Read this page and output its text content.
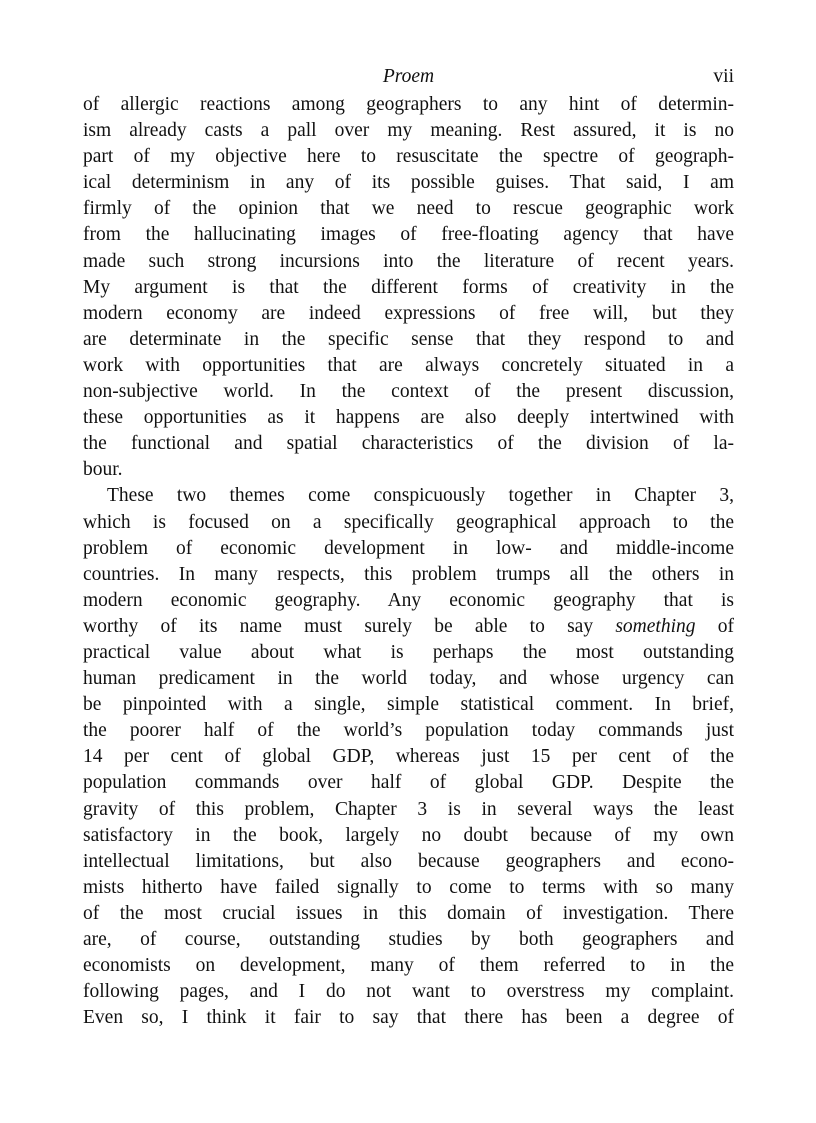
Proem	vii
of allergic reactions among geographers to any hint of determin-
ism already casts a pall over my meaning. Rest assured, it is no
part of my objective here to resuscitate the spectre of geograph-
ical determinism in any of its possible guises. That said, I am
firmly of the opinion that we need to rescue geographic work
from the hallucinating images of free-floating agency that have
made such strong incursions into the literature of recent years.
My argument is that the different forms of creativity in the
modern economy are indeed expressions of free will, but they
are determinate in the specific sense that they respond to and
work with opportunities that are always concretely situated in a
non-subjective world. In the context of the present discussion,
these opportunities as it happens are also deeply intertwined with
the functional and spatial characteristics of the division of la-
bour.
These two themes come conspicuously together in Chapter 3,
which is focused on a specifically geographical approach to the
problem of economic development in low- and middle-income
countries. In many respects, this problem trumps all the others in
modern economic geography. Any economic geography that is
worthy of its name must surely be able to say something of
practical value about what is perhaps the most outstanding
human predicament in the world today, and whose urgency can
be pinpointed with a single, simple statistical comment. In brief,
the poorer half of the world’s population today commands just
14 per cent of global GDP, whereas just 15 per cent of the
population commands over half of global GDP. Despite the
gravity of this problem, Chapter 3 is in several ways the least
satisfactory in the book, largely no doubt because of my own
intellectual limitations, but also because geographers and econo-
mists hitherto have failed signally to come to terms with so many
of the most crucial issues in this domain of investigation. There
are, of course, outstanding studies by both geographers and
economists on development, many of them referred to in the
following pages, and I do not want to overstress my complaint.
Even so, I think it fair to say that there has been a degree of
